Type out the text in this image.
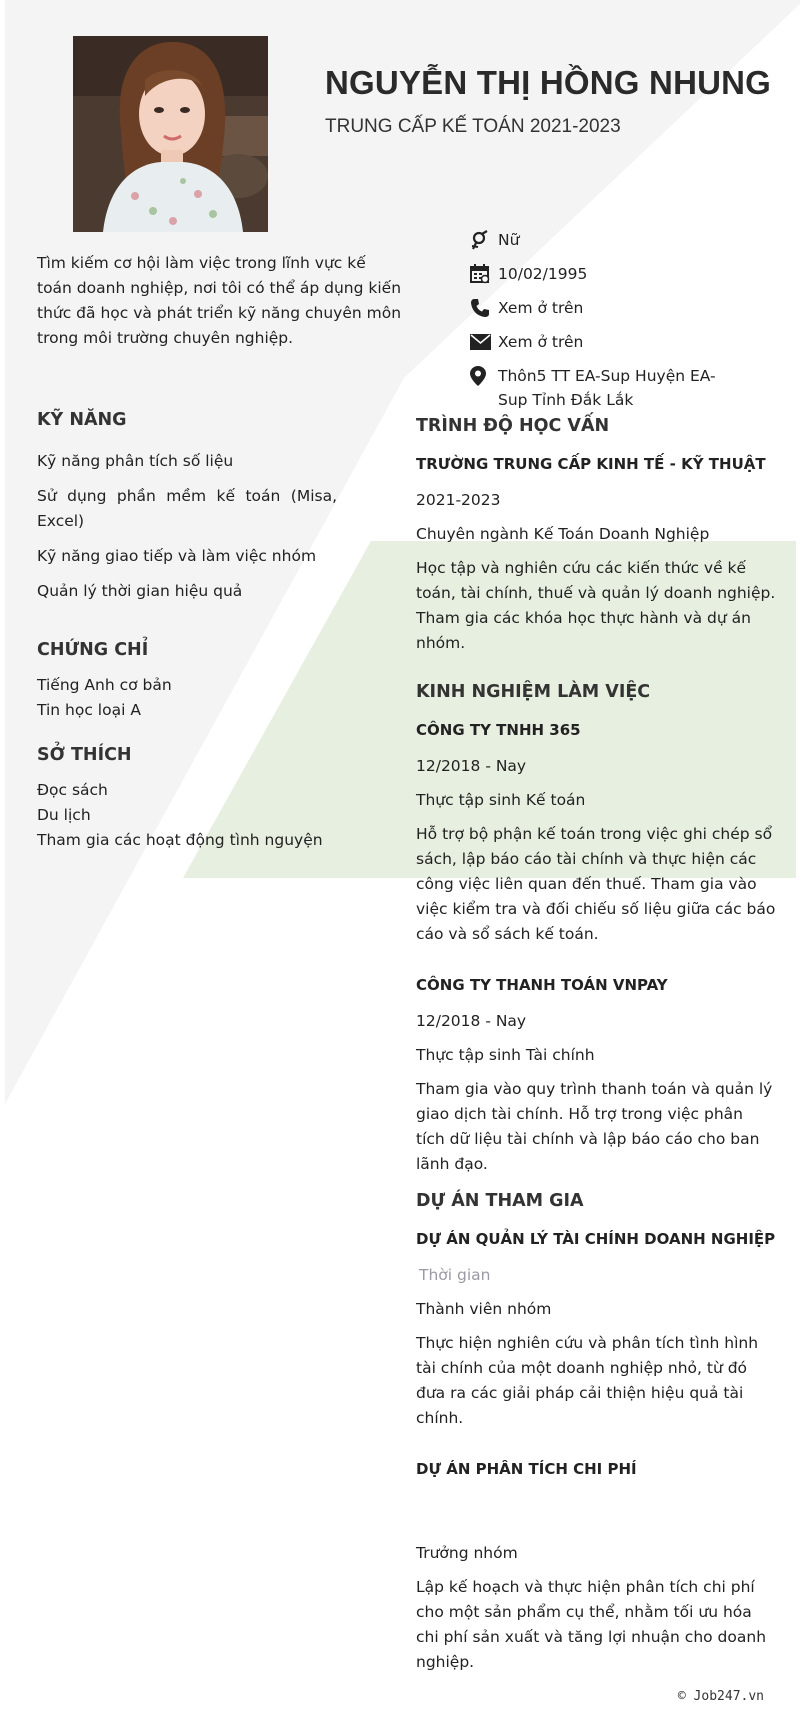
NGUYỄN THỊ HỒNG NHUNG
TRUNG CẤP KẾ TOÁN 2021-2023
Tìm kiếm cơ hội làm việc trong lĩnh vực kế toán doanh nghiệp, nơi tôi có thể áp dụng kiến thức đã học và phát triển kỹ năng chuyên môn trong môi trường chuyên nghiệp.
Nữ
10/02/1995
Xem ở trên
Xem ở trên
Thôn5 TT EA-Sup Huyện EA-Sup Tỉnh Đắk Lắk
KỸ NĂNG
Kỹ năng phân tích số liệu
Sử dụng phần mềm kế toán (Misa, Excel)
Kỹ năng giao tiếp và làm việc nhóm
Quản lý thời gian hiệu quả
CHỨNG CHỈ
Tiếng Anh cơ bản
Tin học loại A
SỞ THÍCH
Đọc sách
Du lịch
Tham gia các hoạt động tình nguyện
TRÌNH ĐỘ HỌC VẤN
TRƯỜNG TRUNG CẤP KINH TẾ - KỸ THUẬT
2021-2023
Chuyên ngành Kế Toán Doanh Nghiệp
Học tập và nghiên cứu các kiến thức về kế toán, tài chính, thuế và quản lý doanh nghiệp. Tham gia các khóa học thực hành và dự án nhóm.
KINH NGHIỆM LÀM VIỆC
CÔNG TY TNHH 365
12/2018 - Nay
Thực tập sinh Kế toán
Hỗ trợ bộ phận kế toán trong việc ghi chép sổ sách, lập báo cáo tài chính và thực hiện các công việc liên quan đến thuế. Tham gia vào việc kiểm tra và đối chiếu số liệu giữa các báo cáo và sổ sách kế toán.
CÔNG TY THANH TOÁN VNPAY
12/2018 - Nay
Thực tập sinh Tài chính
Tham gia vào quy trình thanh toán và quản lý giao dịch tài chính. Hỗ trợ trong việc phân tích dữ liệu tài chính và lập báo cáo cho ban lãnh đạo.
DỰ ÁN THAM GIA
DỰ ÁN QUẢN LÝ TÀI CHÍNH DOANH NGHIỆP
Thời gian
Thành viên nhóm
Thực hiện nghiên cứu và phân tích tình hình tài chính của một doanh nghiệp nhỏ, từ đó đưa ra các giải pháp cải thiện hiệu quả tài chính.
DỰ ÁN PHÂN TÍCH CHI PHÍ
Trưởng nhóm
Lập kế hoạch và thực hiện phân tích chi phí cho một sản phẩm cụ thể, nhằm tối ưu hóa chi phí sản xuất và tăng lợi nhuận cho doanh nghiệp.
© Job247.vn
